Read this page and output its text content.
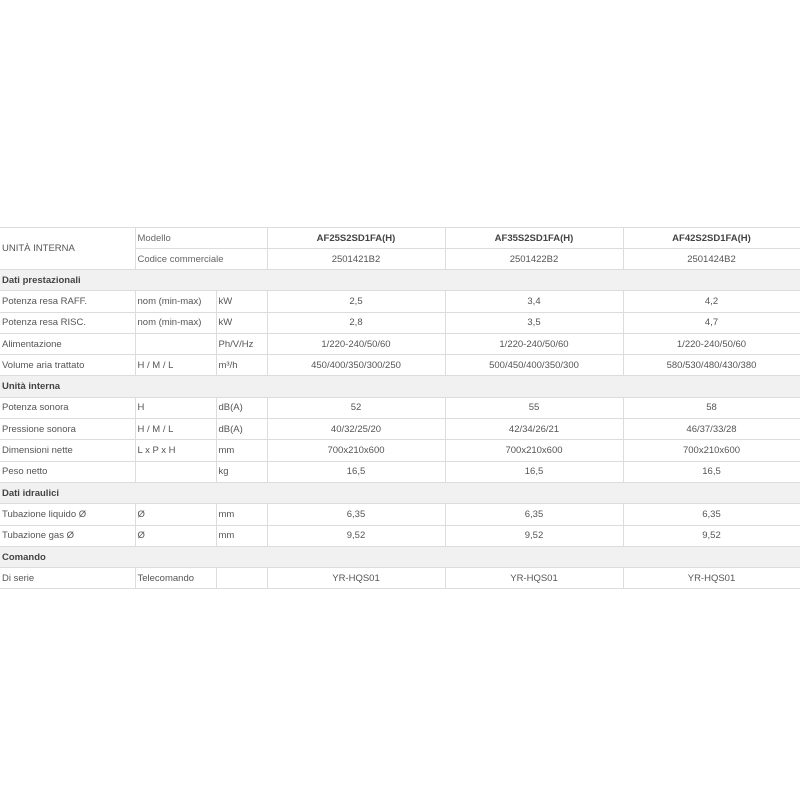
UNITÀ INTERNA	Modello		AF25S2SD1FA(H)	AF35S2SD1FA(H)	AF42S2SD1FA(H)
	Codice commerciale		2501421B2	2501422B2	2501424B2
Dati prestazionali					
Potenza resa RAFF.	nom (min-max)	kW	2,5	3,4	4,2
Potenza resa RISC.	nom (min-max)	kW	2,8	3,5	4,7
Alimentazione		Ph/V/Hz	1/220-240/50/60	1/220-240/50/60	1/220-240/50/60
Volume aria trattato	H / M / L	m³/h	450/400/350/300/250	500/450/400/350/300	580/530/480/430/380
Unità interna					
Potenza sonora	H	dB(A)	52	55	58
Pressione sonora	H / M / L	dB(A)	40/32/25/20	42/34/26/21	46/37/33/28
Dimensioni nette	L x P x H	mm	700x210x600	700x210x600	700x210x600
Peso netto		kg	16,5	16,5	16,5
Dati idraulici					
Tubazione liquido Ø	Ø	mm	6,35	6,35	6,35
Tubazione gas Ø	Ø	mm	9,52	9,52	9,52
Comando					
Di serie	Telecomando		YR-HQS01	YR-HQS01	YR-HQS01
